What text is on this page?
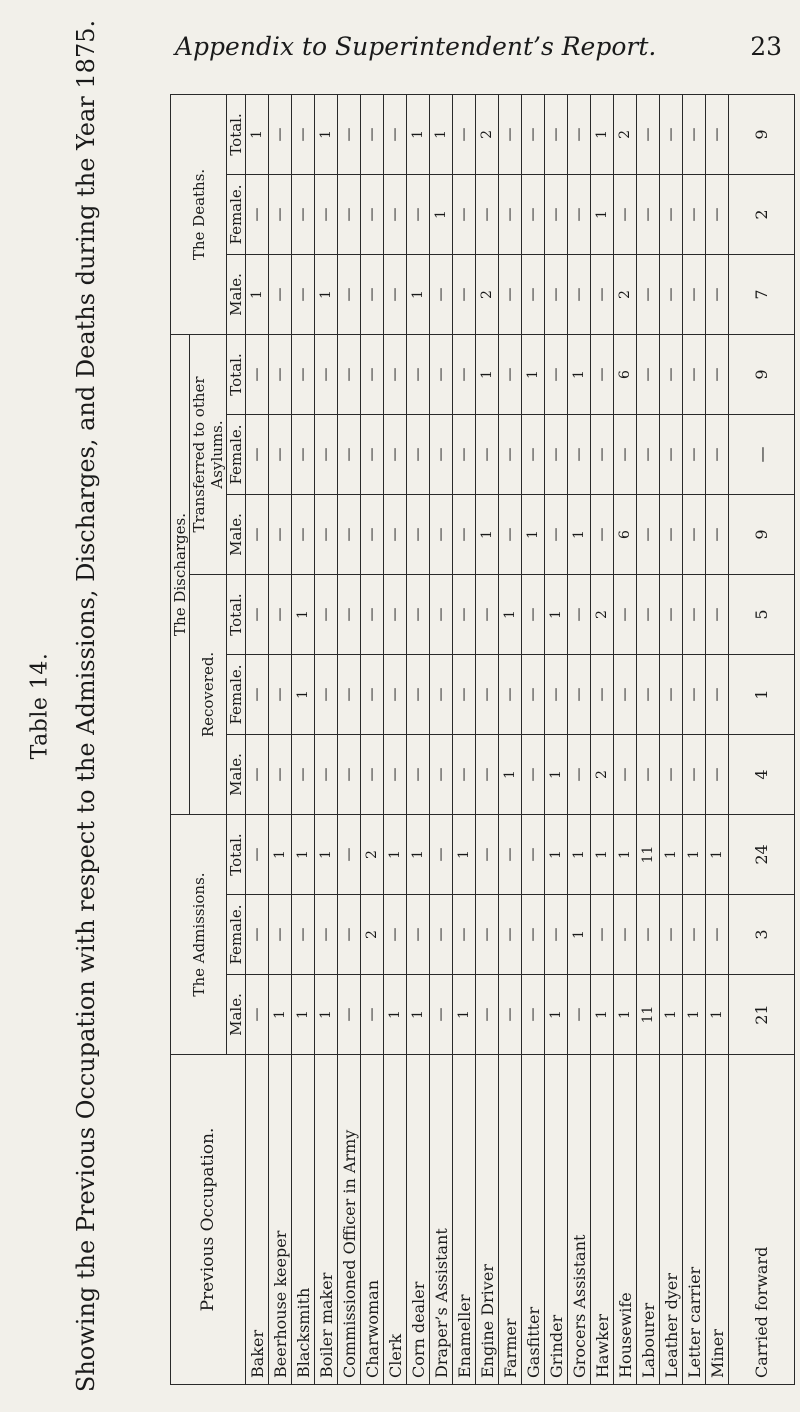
Table 14. Showing the Previous Occupation with respect to the Admissions, Discharges, and Deaths during the Year 1875.	Appendix to Superintendent’s Report.	23
Previous Occupation.	The Admissions.			The Discharges.						The Deaths.		
				Recovered.			Transferred to other Asylums.					
	Male.	Female.	Total.	Male.	Female.	Total.	Male.	Female.	Total.	Male.	Female.	Total.
Baker	—	—	—	—	—	—	—	—	—	1	—	1
Beerhouse keeper	1	—	1	—	—	—	—	—	—	—	—	—
Blacksmith	1	—	1	—	1	1	—	—	—	—	—	—
Boiler maker	1	—	1	—	—	—	—	—	—	1	—	1
Commissioned Officer in Army	—	—	—	—	—	—	—	—	—	—	—	—
Charwoman	—	2	2	—	—	—	—	—	—	—	—	—
Clerk	1	—	1	—	—	—	—	—	—	—	—	—
Corn dealer	1	—	1	—	—	—	—	—	—	1	—	1
Draper’s Assistant	—	—	—	—	—	—	—	—	—	—	1	1
Enameller	1	—	1	—	—	—	—	—	—	—	—	—
Engine Driver	—	—	—	—	—	—	1	—	1	2	—	2
Farmer	—	—	—	1	—	1	—	—	—	—	—	—
Gasfitter	—	—	—	—	—	—	1	—	1	—	—	—
Grinder	1	—	1	1	—	1	—	—	—	—	—	—
Grocers Assistant	—	1	1	—	—	—	1	—	1	—	—	—
Hawker	1	—	1	2	—	2	—	—	—	—	1	1
Housewife	1	—	1	—	—	—	6	—	6	2	—	2
Labourer	11	—	11	—	—	—	—	—	—	—	—	—
Leather dyer	1	—	1	—	—	—	—	—	—	—	—	—
Letter carrier	1	—	1	—	—	—	—	—	—	—	—	—
Miner	1	—	1	—	—	—	—	—	—	—	—	—
Carried forward	21	3	24	4	1	5	9	—	9	7	2	9
